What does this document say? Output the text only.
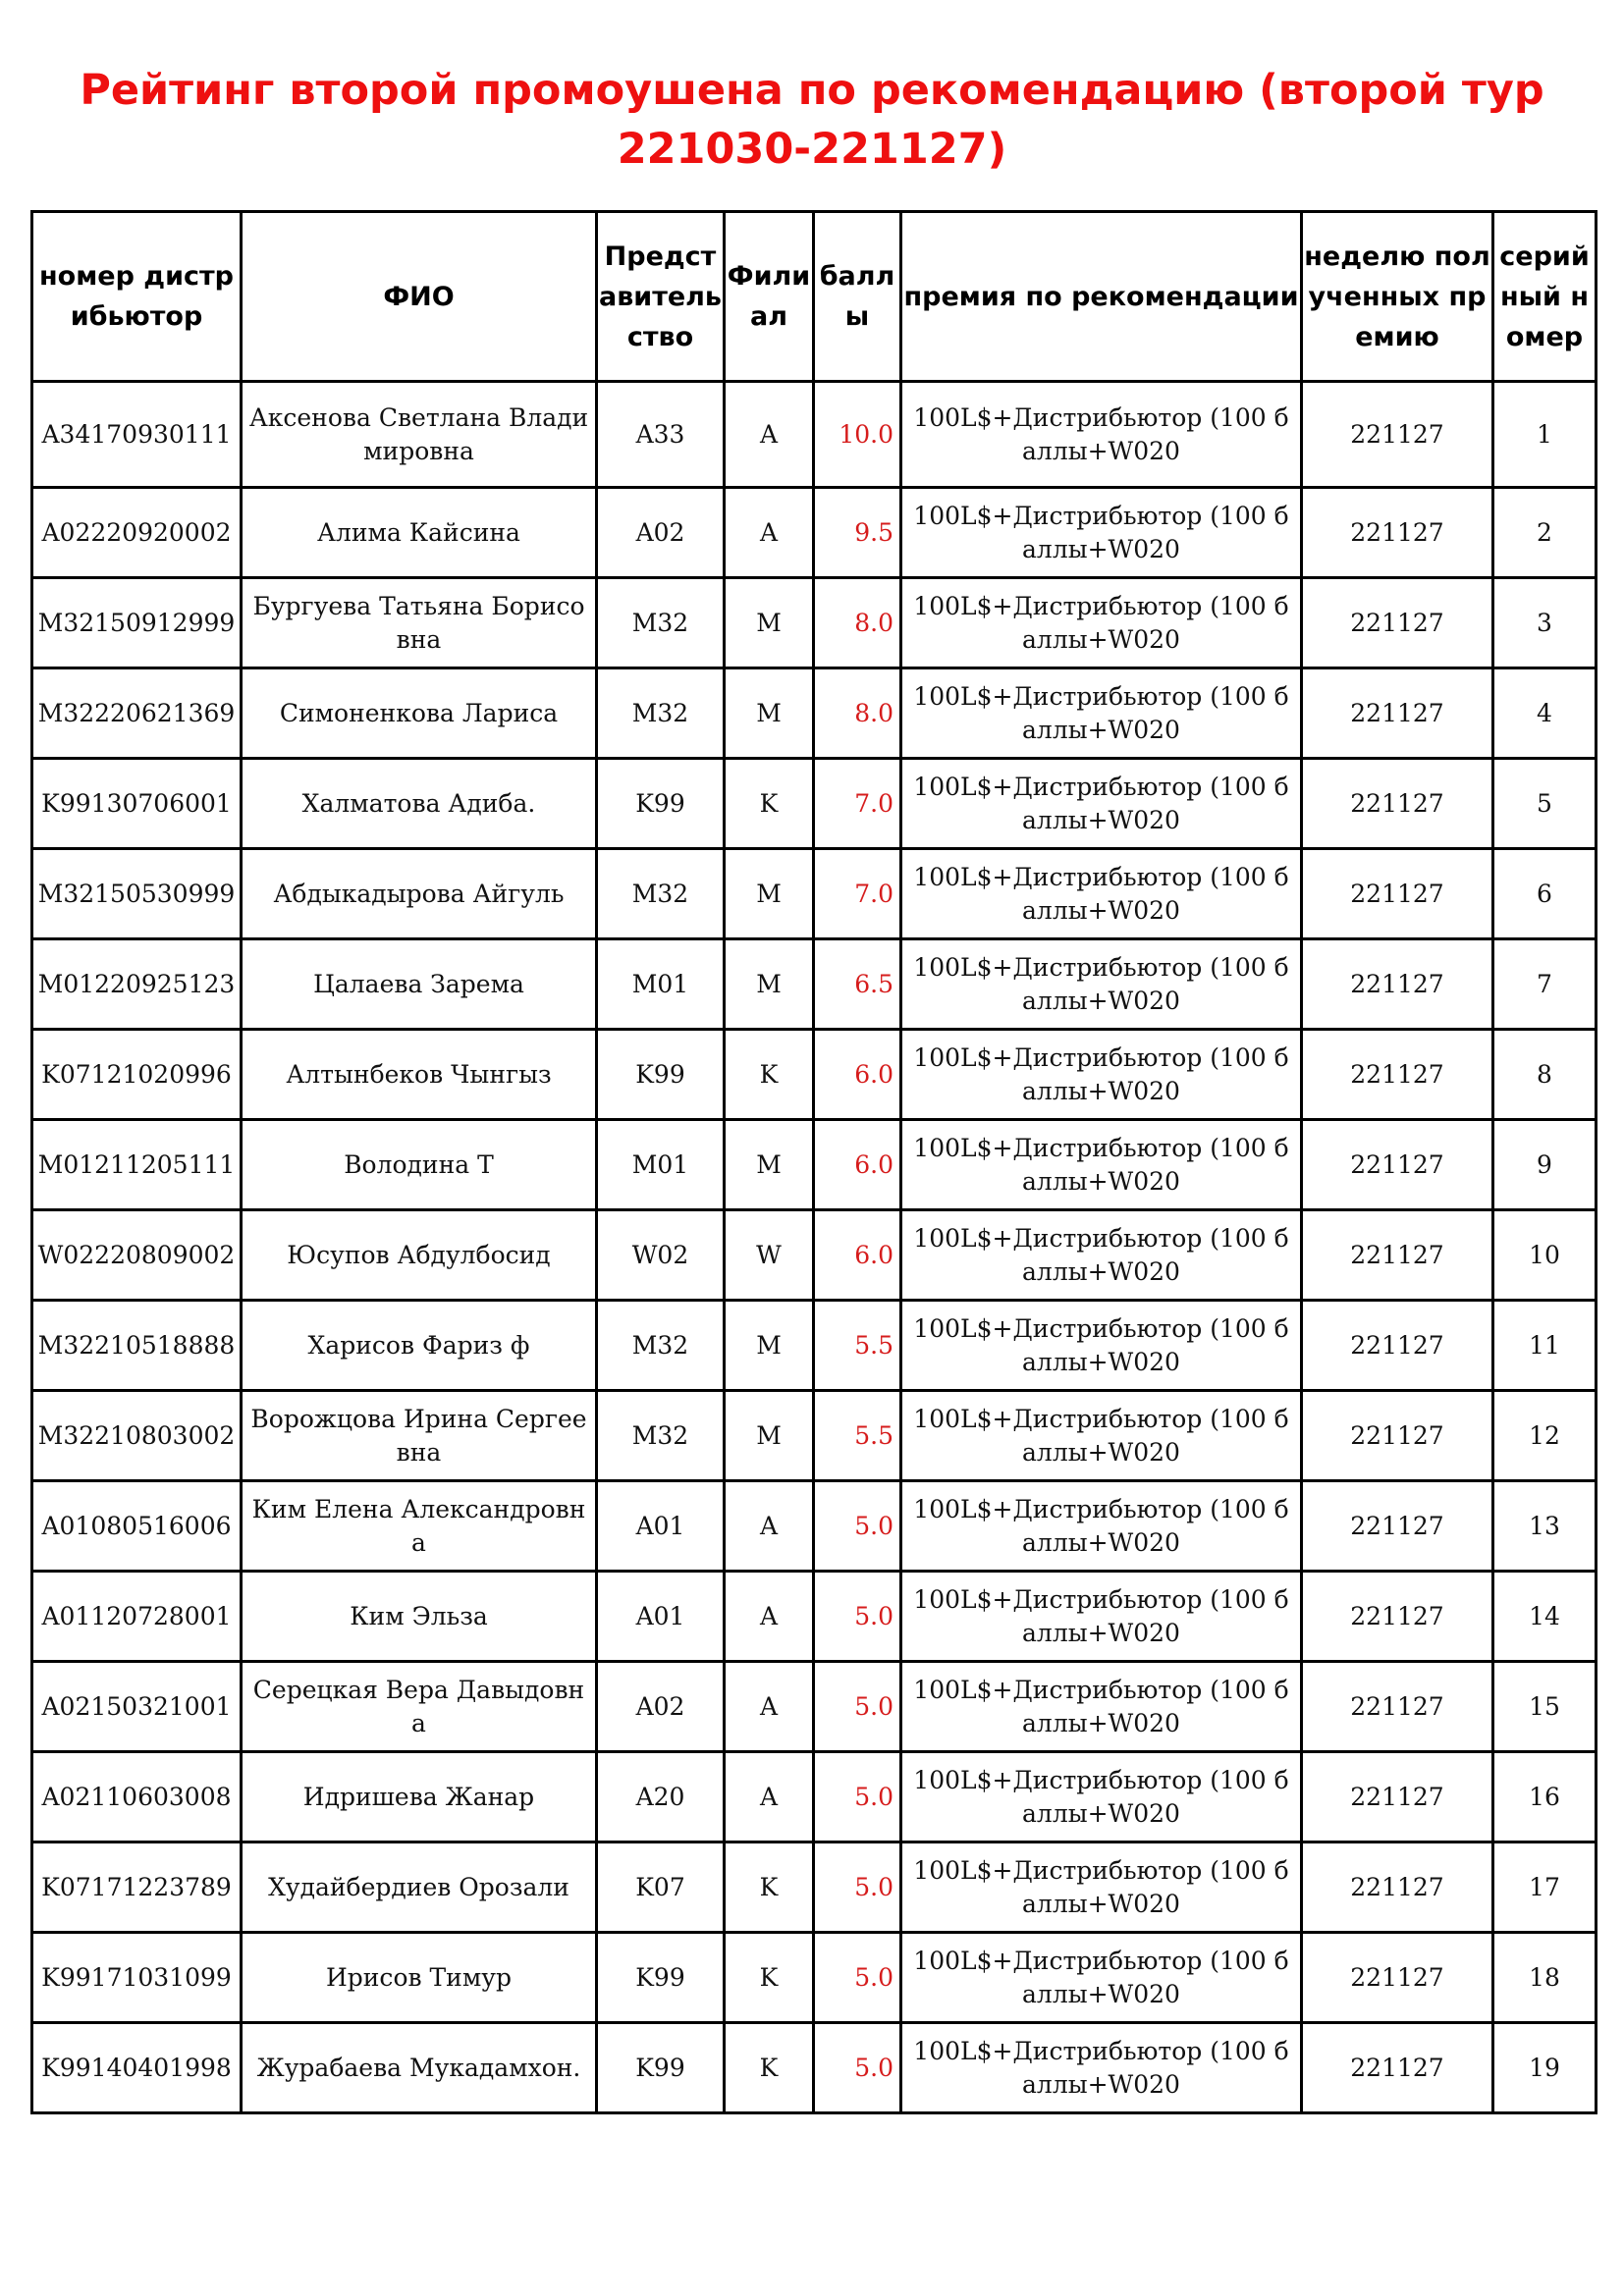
Рейтинг второй промоушена по рекомендацию (второй тур
221030-221127)
номер дистрибьютор	ФИО	Представительство	Филиал	баллы	премия по рекомендации	неделю полученных премию	серийный номер
A34170930111	Аксенова Светлана Владимировна	A33	A	10.0	100L$+Дистрибьютор (100 баллы+W020	221127	1
A02220920002	Алима Кайсина	A02	A	9.5	100L$+Дистрибьютор (100 баллы+W020	221127	2
M32150912999	Бургуева Татьяна Борисовна	M32	M	8.0	100L$+Дистрибьютор (100 баллы+W020	221127	3
M32220621369	Симоненкова Лариса	M32	M	8.0	100L$+Дистрибьютор (100 баллы+W020	221127	4
K99130706001	Халматова Адиба.	K99	K	7.0	100L$+Дистрибьютор (100 баллы+W020	221127	5
M32150530999	Абдыкадырова Айгуль	M32	M	7.0	100L$+Дистрибьютор (100 баллы+W020	221127	6
M01220925123	Цалаева Зарема	M01	M	6.5	100L$+Дистрибьютор (100 баллы+W020	221127	7
K07121020996	Алтынбеков Чынгыз	K99	K	6.0	100L$+Дистрибьютор (100 баллы+W020	221127	8
M01211205111	Володина Т	M01	M	6.0	100L$+Дистрибьютор (100 баллы+W020	221127	9
W02220809002	Юсупов Абдулбосид	W02	W	6.0	100L$+Дистрибьютор (100 баллы+W020	221127	10
M32210518888	Харисов Фариз ф	M32	M	5.5	100L$+Дистрибьютор (100 баллы+W020	221127	11
M32210803002	Ворожцова Ирина Сергеевна	M32	M	5.5	100L$+Дистрибьютор (100 баллы+W020	221127	12
A01080516006	Ким Елена Александровна	A01	A	5.0	100L$+Дистрибьютор (100 баллы+W020	221127	13
A01120728001	Ким Эльза	A01	A	5.0	100L$+Дистрибьютор (100 баллы+W020	221127	14
A02150321001	Серецкая Вера Давыдовна	A02	A	5.0	100L$+Дистрибьютор (100 баллы+W020	221127	15
A02110603008	Идришева Жанар	A20	A	5.0	100L$+Дистрибьютор (100 баллы+W020	221127	16
K07171223789	Худайбердиев Орозали	K07	K	5.0	100L$+Дистрибьютор (100 баллы+W020	221127	17
K99171031099	Ирисов Тимур	K99	K	5.0	100L$+Дистрибьютор (100 баллы+W020	221127	18
K99140401998	Журабаева Мукадамхон.	K99	K	5.0	100L$+Дистрибьютор (100 баллы+W020	221127	19
